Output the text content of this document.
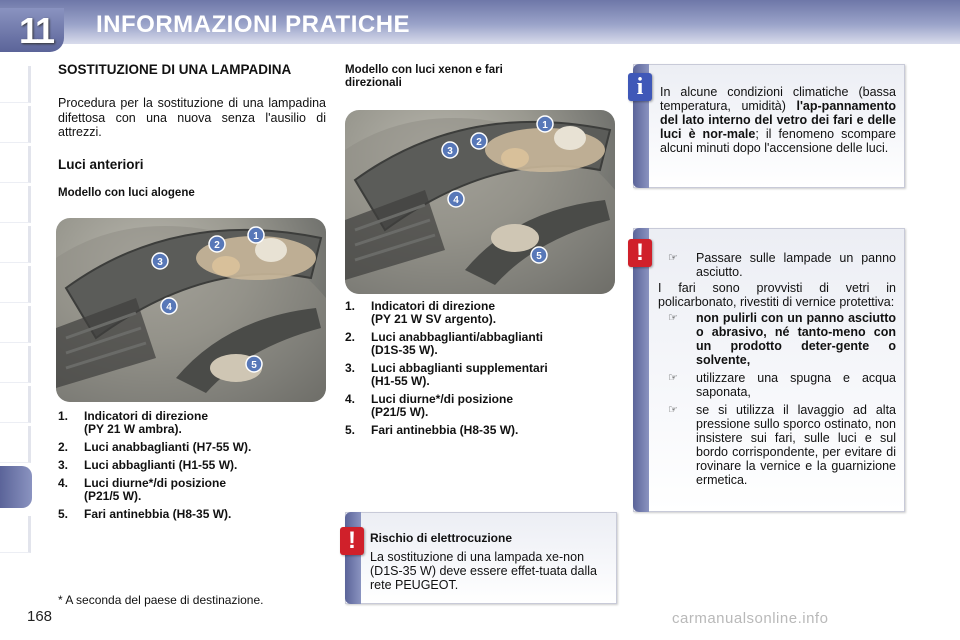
11	INFORMAZIONI PRATICHE
168
SOSTITUZIONE DI UNA LAMPADINA
Procedura per la sostituzione di una lampadina difettosa con una nuova senza l'ausilio di attrezzi.
Luci anteriori
Modello con luci alogene
1
2
3
4
5
1. Indicatori di direzione
(PY 21 W ambra).
2. Luci anabbaglianti (H7-55 W).
3. Luci abbaglianti (H1-55 W).
4. Luci diurne*/di posizione
(P21/5 W).
5. Fari antinebbia (H8-35 W).
* A seconda del paese di destinazione.
Modello con luci xenon e fari
direzionali
1
2
3
4
5
1. Indicatori di direzione
(PY 21 W SV argento).
2. Luci anabbaglianti/abbaglianti
(D1S-35 W).
3. Luci abbaglianti supplementari
(H1-55 W).
4. Luci diurne*/di posizione
(P21/5 W).
5. Fari antinebbia (H8-35 W).
!	Rischio di elettrocuzione
La sostituzione di una lampada xe-non (D1S-35 W) deve essere effet-tuata dalla rete PEUGEOT.
i	In alcune condizioni climatiche (bassa temperatura, umidità) l'ap-pannamento del lato interno del vetro dei fari e delle luci è nor-male; il fenomeno scompare alcuni minuti dopo l'accensione delle luci.
!	☞ Passare sulle lampade un panno asciutto.
I fari sono provvisti di vetri in policarbonato, rivestiti di vernice protettiva:
☞ non pulirli con un panno asciutto o abrasivo, né tanto-meno con un prodotto deter-gente o solvente,
☞ utilizzare una spugna e acqua saponata,
☞ se si utilizza il lavaggio ad alta pressione sullo sporco ostinato, non insistere sui fari, sulle luci e sul bordo corrispondente, per evitare di rovinare la vernice e la guarnizione ermetica.
carmanualsonline.info
